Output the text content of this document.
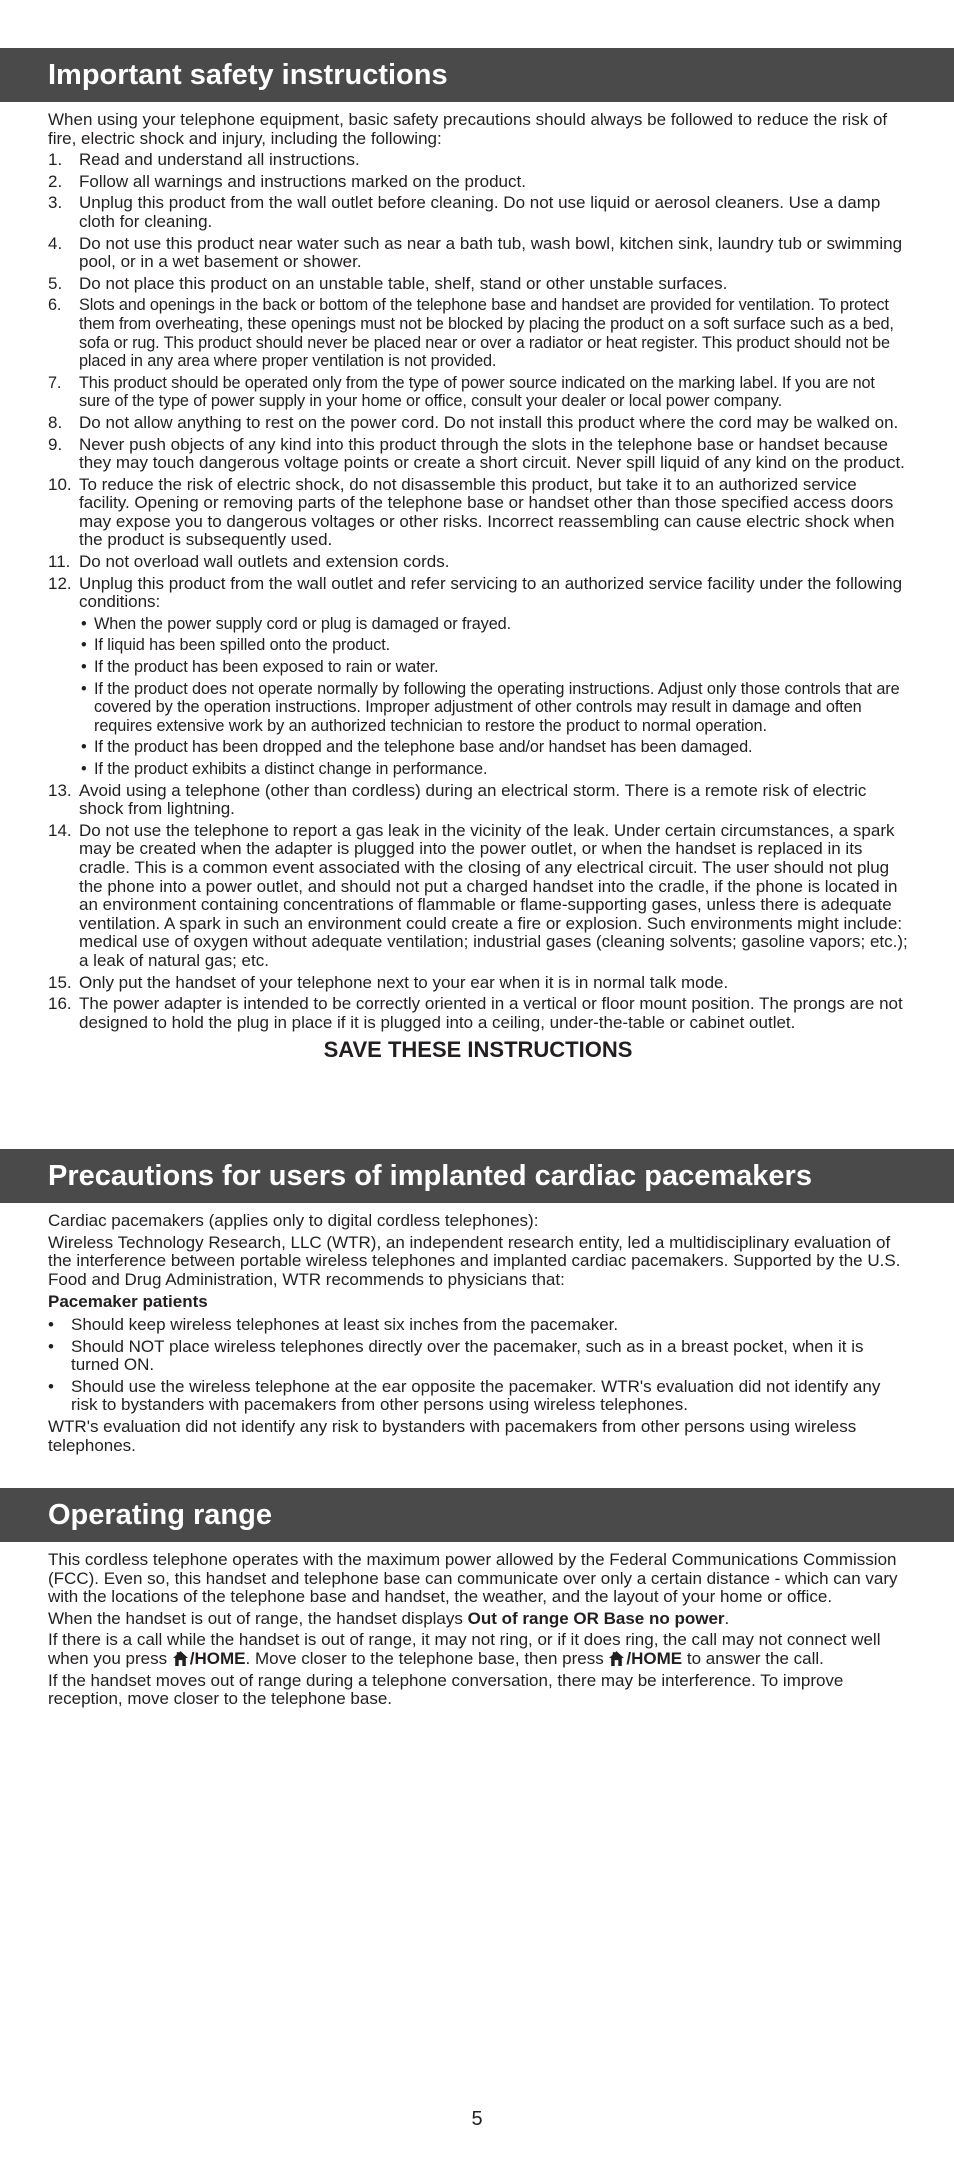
Important safety instructions

When using your telephone equipment, basic safety precautions should always be followed to reduce the risk of fire, electric shock and injury, including the following:

1. Read and understand all instructions.
2. Follow all warnings and instructions marked on the product.
3. Unplug this product from the wall outlet before cleaning. Do not use liquid or aerosol cleaners. Use a damp cloth for cleaning.
4. Do not use this product near water such as near a bath tub, wash bowl, kitchen sink, laundry tub or swimming pool, or in a wet basement or shower.
5. Do not place this product on an unstable table, shelf, stand or other unstable surfaces.
6. Slots and openings in the back or bottom of the telephone base and handset are provided for ventilation. To protect them from overheating, these openings must not be blocked by placing the product on a soft surface such as a bed, sofa or rug. This product should never be placed near or over a radiator or heat register. This product should not be placed in any area where proper ventilation is not provided.
7. This product should be operated only from the type of power source indicated on the marking label. If you are not sure of the type of power supply in your home or office, consult your dealer or local power company.
8. Do not allow anything to rest on the power cord. Do not install this product where the cord may be walked on.
9. Never push objects of any kind into this product through the slots in the telephone base or handset because they may touch dangerous voltage points or create a short circuit. Never spill liquid of any kind on the product.
10. To reduce the risk of electric shock, do not disassemble this product, but take it to an authorized service facility. Opening or removing parts of the telephone base or handset other than those specified access doors may expose you to dangerous voltages or other risks. Incorrect reassembling can cause electric shock when the product is subsequently used.
11. Do not overload wall outlets and extension cords.
12. Unplug this product from the wall outlet and refer servicing to an authorized service facility under the following conditions:
• When the power supply cord or plug is damaged or frayed.
• If liquid has been spilled onto the product.
• If the product has been exposed to rain or water.
• If the product does not operate normally by following the operating instructions. Adjust only those controls that are covered by the operation instructions. Improper adjustment of other controls may result in damage and often requires extensive work by an authorized technician to restore the product to normal operation.
• If the product has been dropped and the telephone base and/or handset has been damaged.
• If the product exhibits a distinct change in performance.
13. Avoid using a telephone (other than cordless) during an electrical storm. There is a remote risk of electric shock from lightning.
14. Do not use the telephone to report a gas leak in the vicinity of the leak. Under certain circumstances, a spark may be created when the adapter is plugged into the power outlet, or when the handset is replaced in its cradle. This is a common event associated with the closing of any electrical circuit. The user should not plug the phone into a power outlet, and should not put a charged handset into the cradle, if the phone is located in an environment containing concentrations of flammable or flame-supporting gases, unless there is adequate ventilation. A spark in such an environment could create a fire or explosion. Such environments might include: medical use of oxygen without adequate ventilation; industrial gases (cleaning solvents; gasoline vapors; etc.); a leak of natural gas; etc.
15. Only put the handset of your telephone next to your ear when it is in normal talk mode.
16. The power adapter is intended to be correctly oriented in a vertical or floor mount position. The prongs are not designed to hold the plug in place if it is plugged into a ceiling, under-the-table or cabinet outlet.
SAVE THESE INSTRUCTIONS
Precautions for users of implanted cardiac pacemakers

Cardiac pacemakers (applies only to digital cordless telephones):

Wireless Technology Research, LLC (WTR), an independent research entity, led a multidisciplinary evaluation of the interference between portable wireless telephones and implanted cardiac pacemakers. Supported by the U.S. Food and Drug Administration, WTR recommends to physicians that:

Pacemaker patients
• Should keep wireless telephones at least six inches from the pacemaker.
• Should NOT place wireless telephones directly over the pacemaker, such as in a breast pocket, when it is turned ON.
• Should use the wireless telephone at the ear opposite the pacemaker. WTR's evaluation did not identify any risk to bystanders with pacemakers from other persons using wireless telephones.

WTR's evaluation did not identify any risk to bystanders with pacemakers from other persons using wireless telephones.

Operating range

This cordless telephone operates with the maximum power allowed by the Federal Communications Commission (FCC). Even so, this handset and telephone base can communicate over only a certain distance - which can vary with the locations of the telephone base and handset, the weather, and the layout of your home or office.

When the handset is out of range, the handset displays Out of range OR Base no power.

If there is a call while the handset is out of range, it may not ring, or if it does ring, the call may not connect well when you press /HOME. Move closer to the telephone base, then press /HOME to answer the call.

If the handset moves out of range during a telephone conversation, there may be interference. To improve reception, move closer to the telephone base.

5
